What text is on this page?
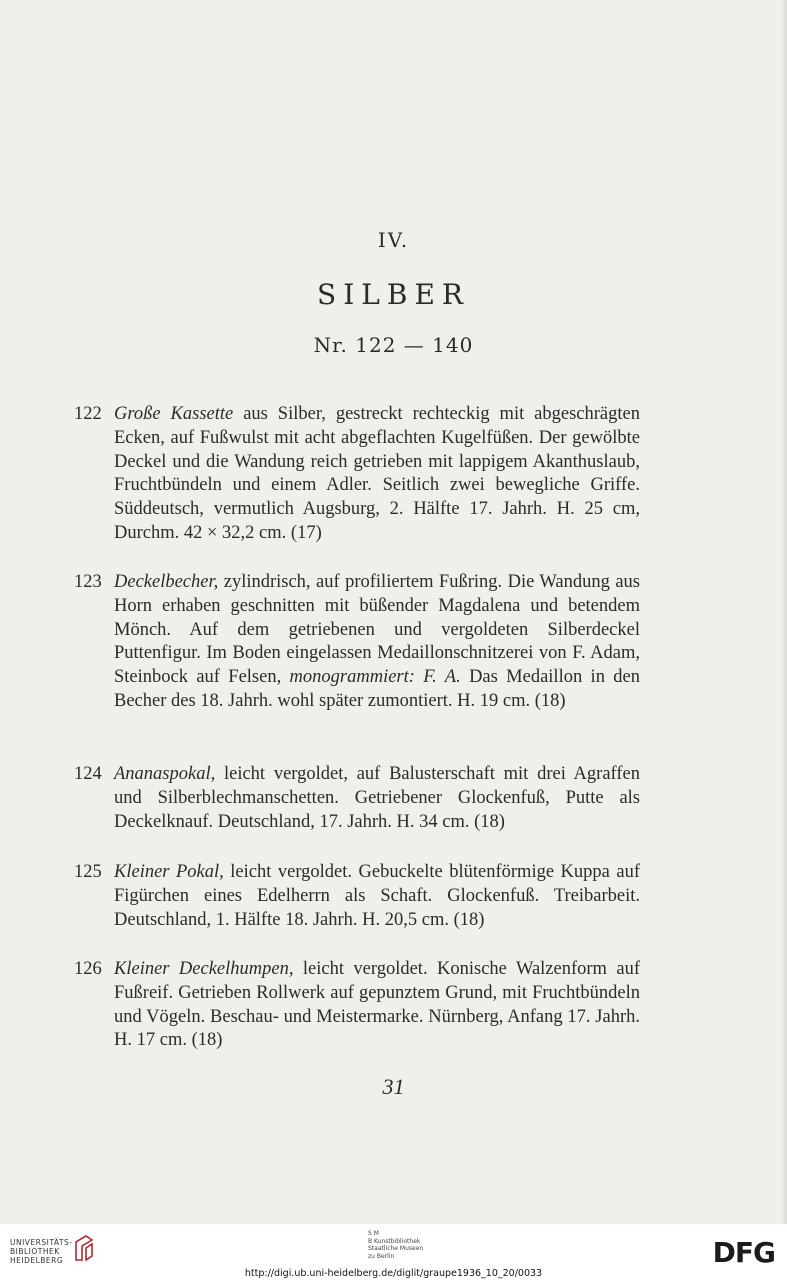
IV.
SILBER
Nr. 122 — 140
122 Große Kassette aus Silber, gestreckt rechteckig mit abgeschrägten Ecken, auf Fußwulst mit acht abgeflachten Kugelfüßen. Der gewölbte Deckel und die Wandung reich getrieben mit lappigem Akanthuslaub, Fruchtbündeln und einem Adler. Seitlich zwei bewegliche Griffe. Süddeutsch, vermutlich Augsburg, 2. Hälfte 17. Jahrh. H. 25 cm, Durchm. 42 × 32,2 cm. (17)
123 Deckelbecher, zylindrisch, auf profiliertem Fußring. Die Wandung aus Horn erhaben geschnitten mit büßender Magdalena und betendem Mönch. Auf dem getriebenen und vergoldeten Silberdeckel Puttenfigur. Im Boden eingelassen Medaillonschnitzerei von F. Adam, Steinbock auf Felsen, monogrammiert: F. A. Das Medaillon in den Becher des 18. Jahrh. wohl später zumontiert. H. 19 cm. (18)
124 Ananaspokal, leicht vergoldet, auf Balusterschaft mit drei Agraffen und Silberblechmanschetten. Getriebener Glockenfuß, Putte als Deckelknauf. Deutschland, 17. Jahrh. H. 34 cm. (18)
125 Kleiner Pokal, leicht vergoldet. Gebuckelte blütenförmige Kuppa auf Figürchen eines Edelherrn als Schaft. Glockenfuß. Treibarbeit. Deutschland, 1. Hälfte 18. Jahrh. H. 20,5 cm. (18)
126 Kleiner Deckelhumpen, leicht vergoldet. Konische Walzenform auf Fußreif. Getrieben Rollwerk auf gepunztem Grund, mit Fruchtbündeln und Vögeln. Beschau- und Meistermarke. Nürnberg, Anfang 17. Jahrh. H. 17 cm. (18)
31
UNIVERSITÄTS-
BIBLIOTHEK
HEIDELBERG
S M
B Kunstbibliothek
Staatliche Museen
zu Berlin	DFG
http://digi.ub.uni-heidelberg.de/diglit/graupe1936_10_20/0033
